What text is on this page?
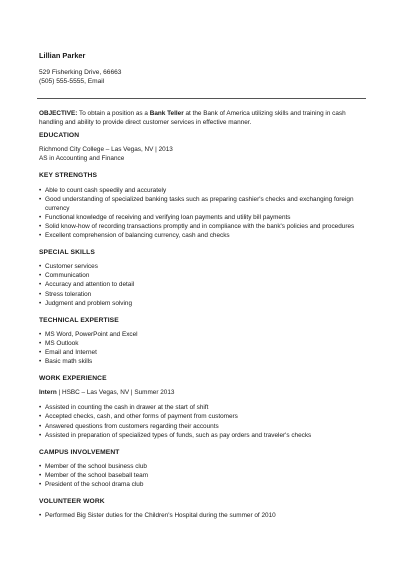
Lillian Parker
529 Fisherking Drive, 66663
(505) 555-5555, Email

OBJECTIVE: To obtain a position as a Bank Teller at the Bank of America utilizing skills and training in cash handling and ability to provide direct customer services in effective manner.

EDUCATION
Richmond City College – Las Vegas, NV | 2013
AS in Accounting and Finance
KEY STRENGTHS
• Able to count cash speedily and accurately
• Good understanding of specialized banking tasks such as preparing cashier's checks and exchanging foreign currency
• Functional knowledge of receiving and verifying loan payments and utility bill payments
• Solid know-how of recording transactions promptly and in compliance with the bank's policies and procedures
• Excellent comprehension of balancing currency, cash and checks
SPECIAL SKILLS
• Customer services
• Communication
• Accuracy and attention to detail
• Stress toleration
• Judgment and problem solving
TECHNICAL EXPERTISE
• MS Word, PowerPoint and Excel
• MS Outlook
• Email and Internet
• Basic math skills
WORK EXPERIENCE
Intern | HSBC – Las Vegas, NV | Summer 2013
• Assisted in counting the cash in drawer at the start of shift
• Accepted checks, cash, and other forms of payment from customers
• Answered questions from customers regarding their accounts
• Assisted in preparation of specialized types of funds, such as pay orders and traveler's checks
CAMPUS INVOLVEMENT
• Member of the school business club
• Member of the school baseball team
• President of the school drama club
VOLUNTEER WORK
• Performed Big Sister duties for the Children's Hospital during the summer of 2010
